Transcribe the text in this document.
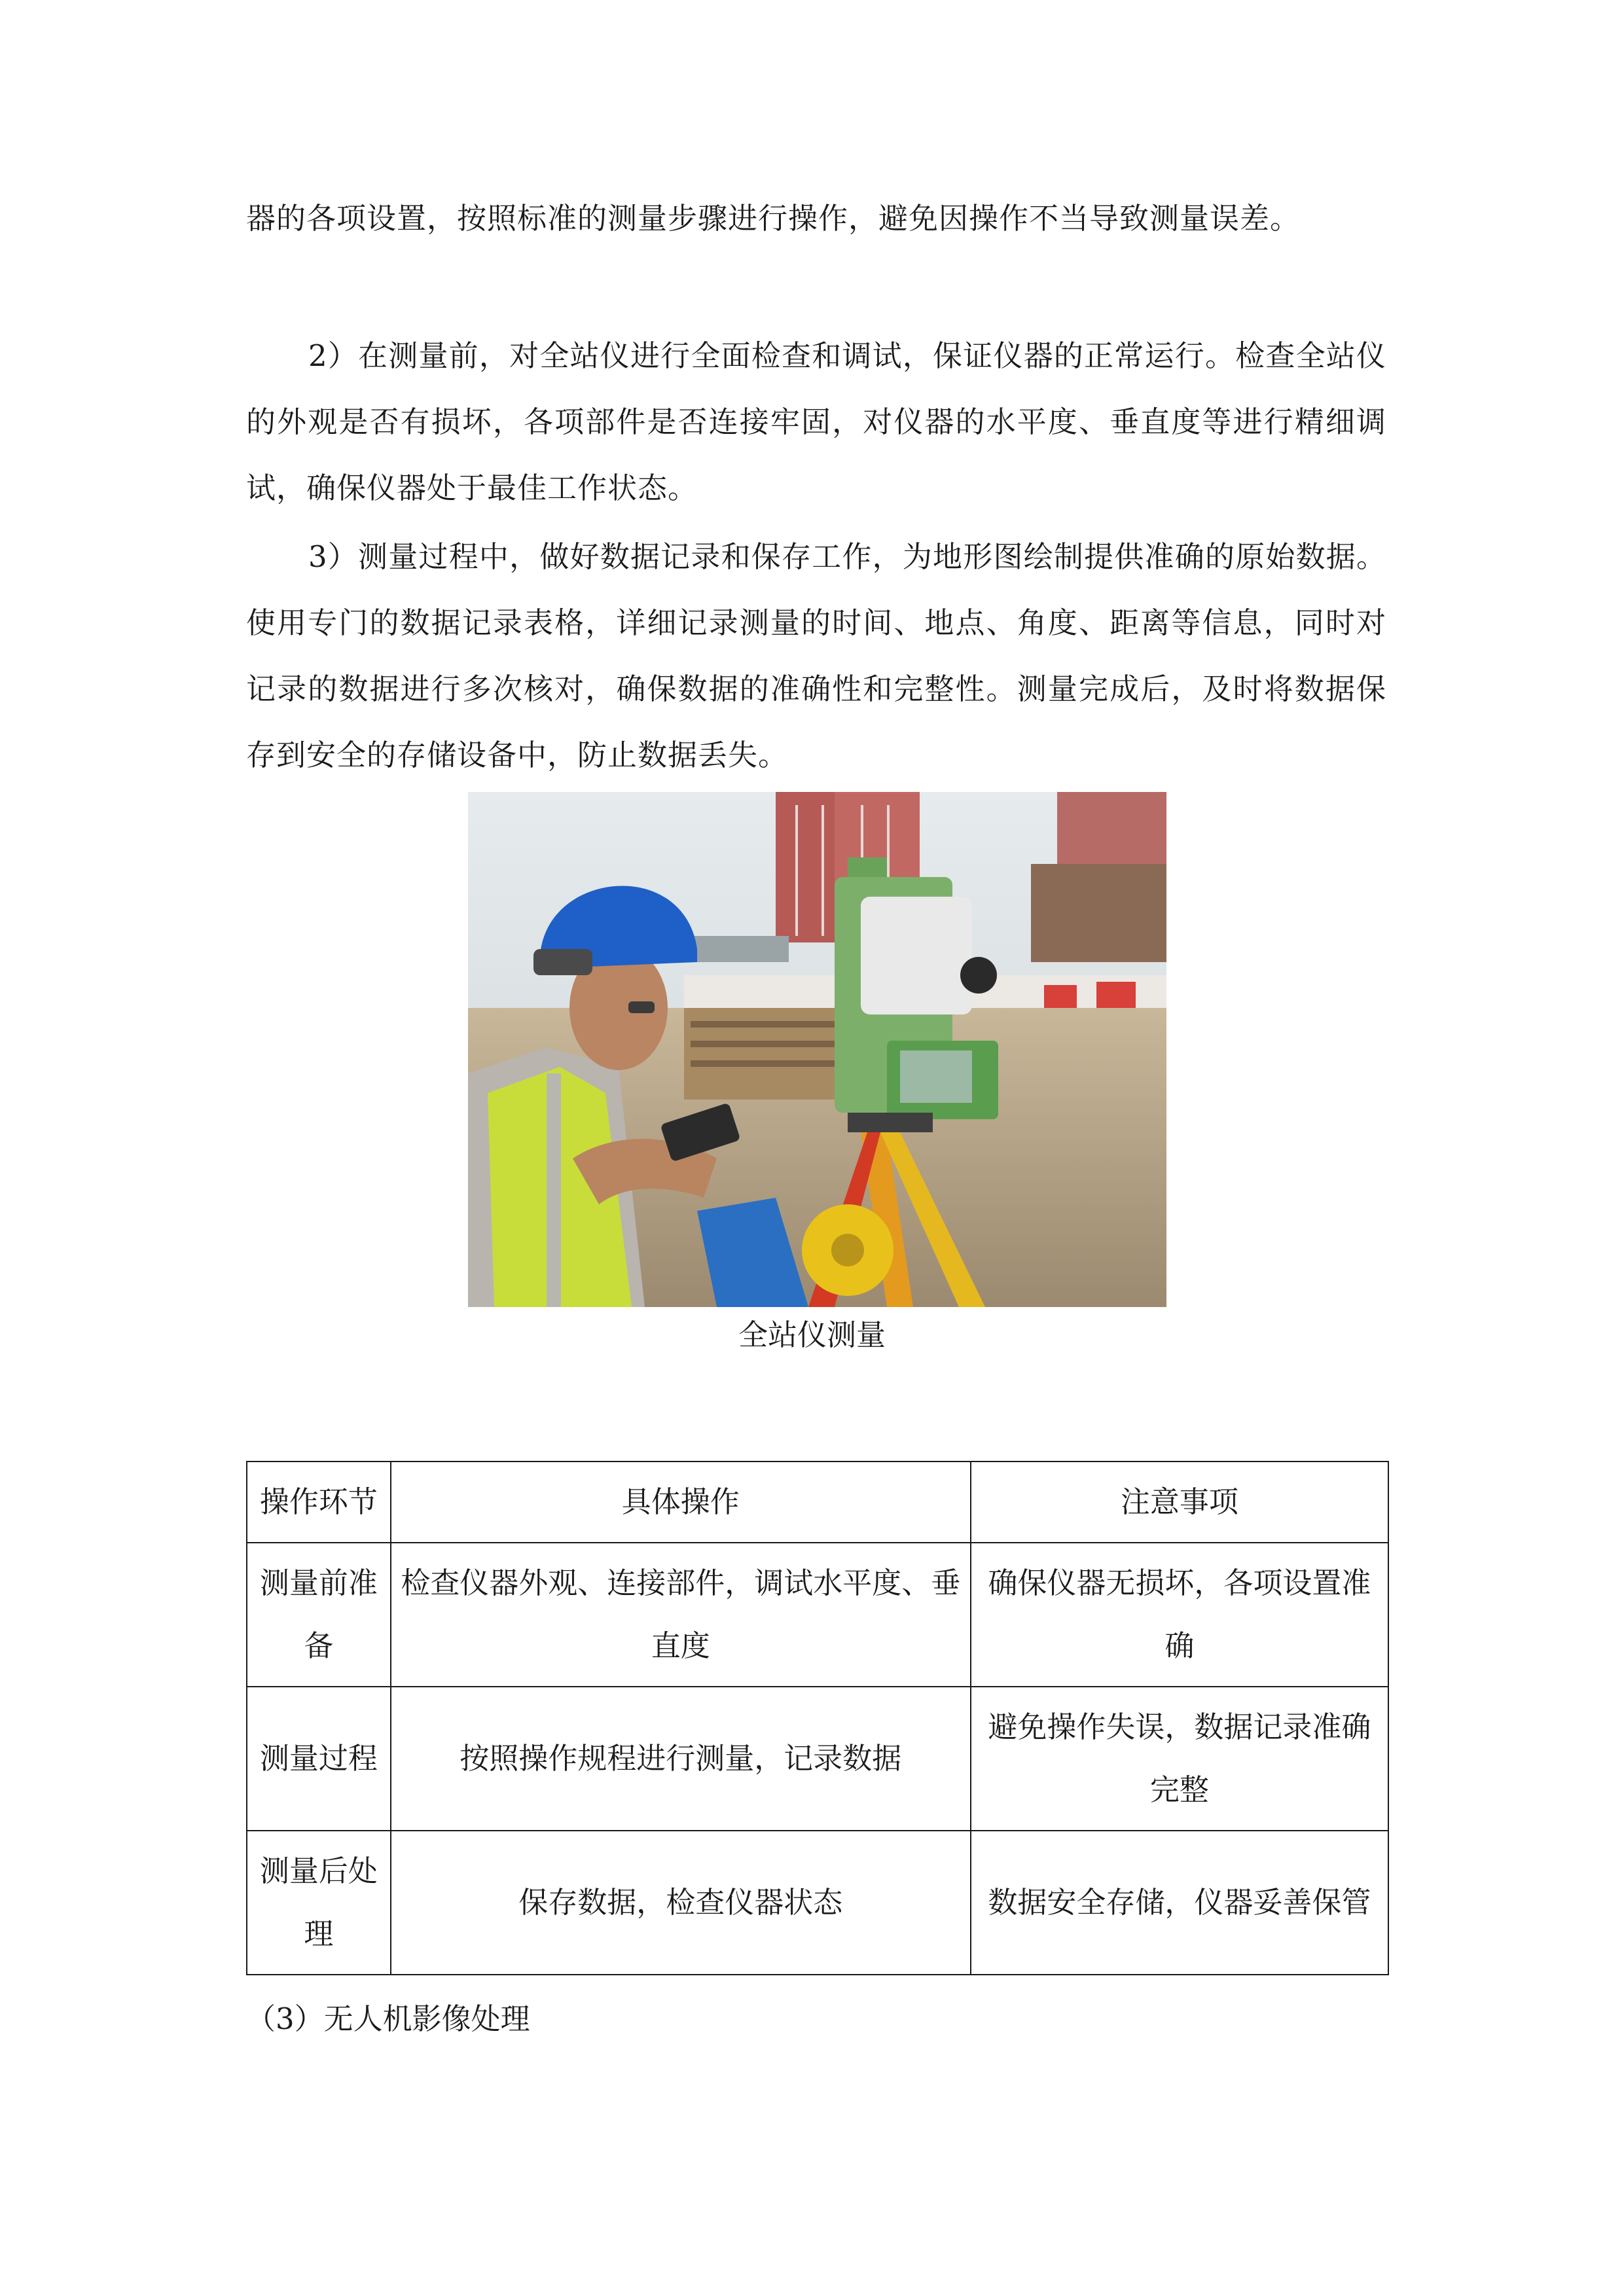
器的各项设置，按照标准的测量步骤进行操作，避免因操作不当导致测量误差。

2）在测量前，对全站仪进行全面检查和调试，保证仪器的正常运行。检查全站仪的外观是否有损坏，各项部件是否连接牢固，对仪器的水平度、垂直度等进行精细调试，确保仪器处于最佳工作状态。

3）测量过程中，做好数据记录和保存工作，为地形图绘制提供准确的原始数据。使用专门的数据记录表格，详细记录测量的时间、地点、角度、距离等信息，同时对记录的数据进行多次核对，确保数据的准确性和完整性。测量完成后，及时将数据保存到安全的存储设备中，防止数据丢失。

全站仪测量
操作环节	具体操作	注意事项
测量前准备	检查仪器外观、连接部件，调试水平度、垂直度	确保仪器无损坏，各项设置准确
测量过程	按照操作规程进行测量，记录数据	避免操作失误，数据记录准确完整
测量后处理	保存数据，检查仪器状态	数据安全存储，仪器妥善保管

（3）无人机影像处理
